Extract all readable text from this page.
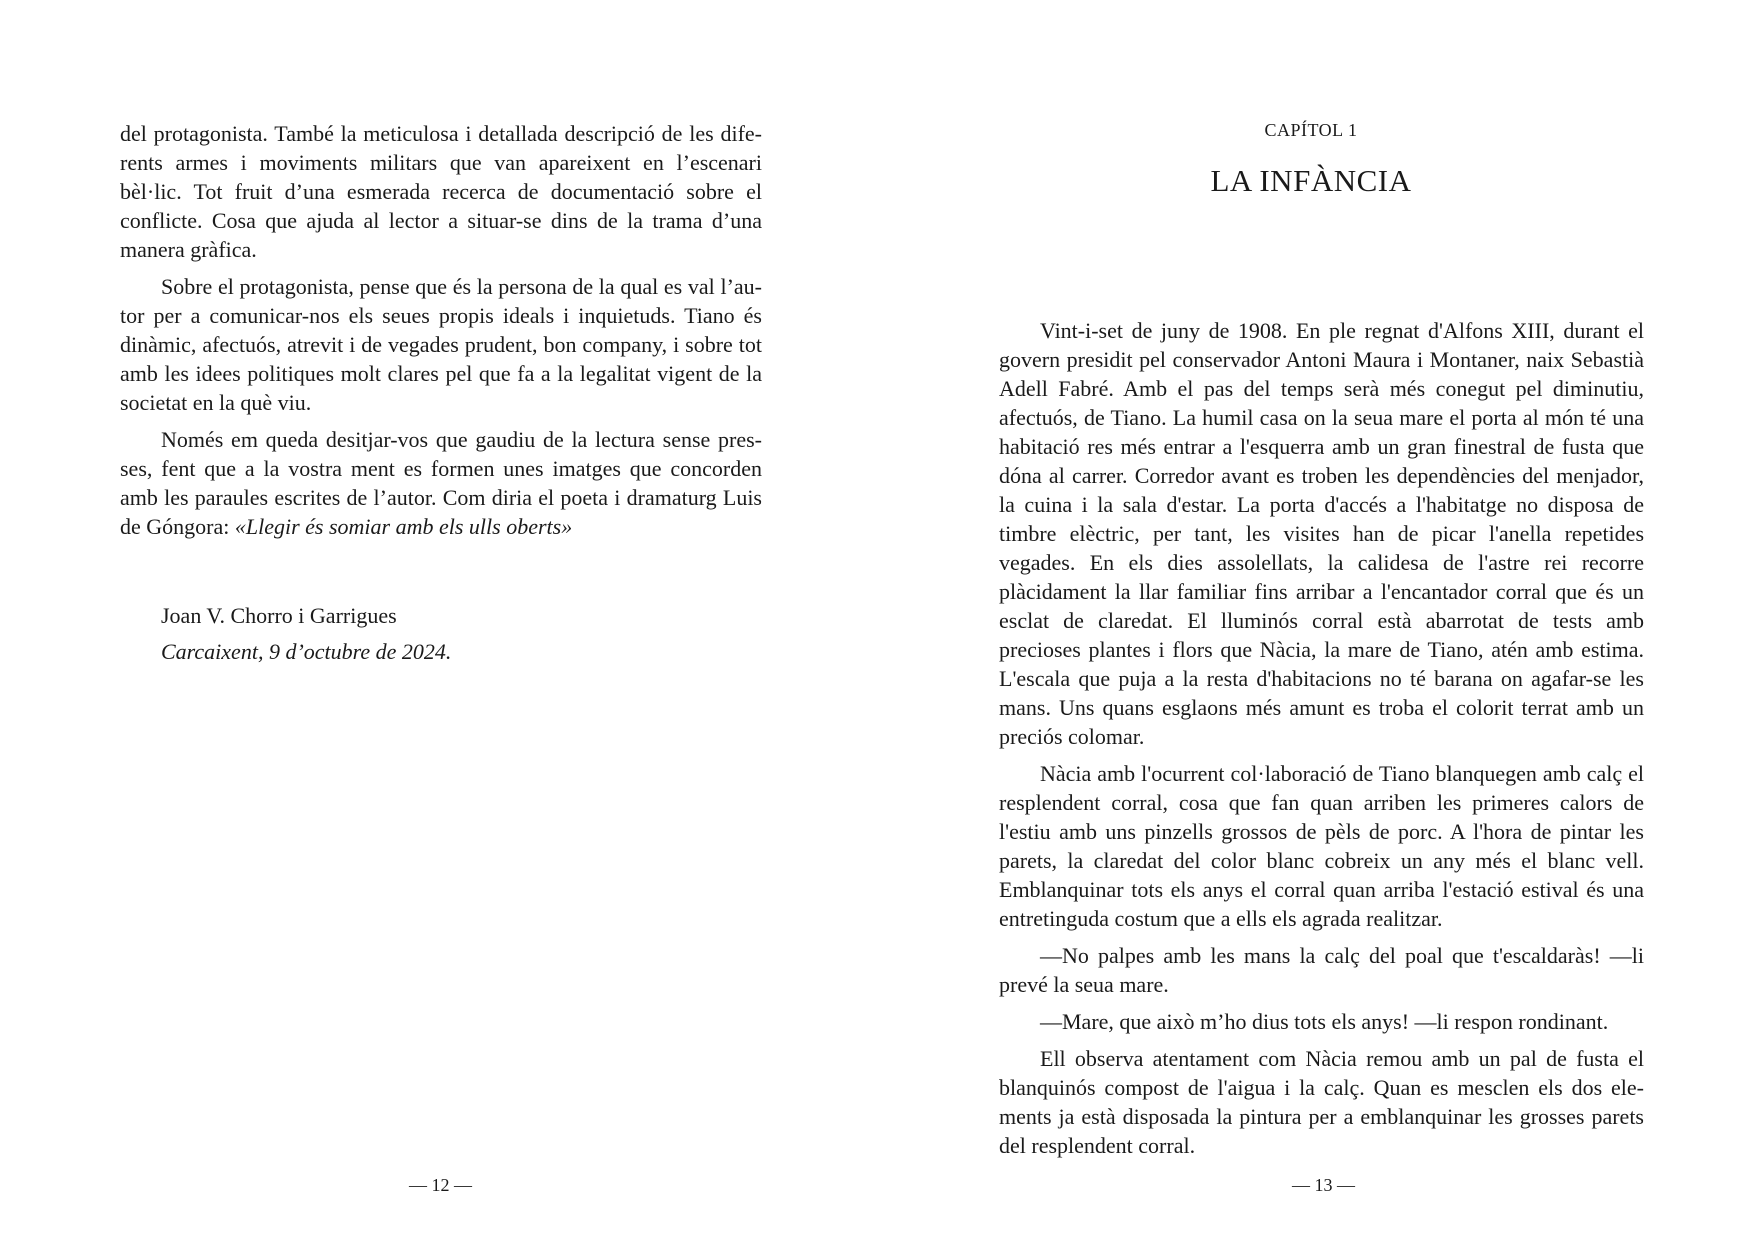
del protagonista. També la meticulosa i detallada descripció de les diferents armes i moviments militars que van apareixent en l’escenari bèl·lic. Tot fruit d’una esmerada recerca de documentació sobre el conflicte. Cosa que ajuda al lector a situar-se dins de la trama d’una manera gràfica.

Sobre el protagonista, pense que és la persona de la qual es val l’autor per a comunicar-nos els seues propis ideals i inquietuds. Tiano és dinàmic, afectuós, atrevit i de vegades prudent, bon company, i sobre tot amb les idees politiques molt clares pel que fa a la legalitat vigent de la societat en la què viu.

Només em queda desitjar-vos que gaudiu de la lectura sense presses, fent que a la vostra ment es formen unes imatges que concorden amb les paraules escrites de l’autor. Com diria el poeta i dramaturg Luis de Góngora: «Llegir és somiar amb els ulls oberts»

Joan V. Chorro i Garrigues
Carcaixent, 9 d’octubre de 2024.
— 12 —
CAPÍTOL 1
LA INFÀNCIA

Vint-i-set de juny de 1908. En ple regnat d'Alfons XIII, durant el govern presidit pel conservador Antoni Maura i Montaner, naix Sebastià Adell Fabré. Amb el pas del temps serà més conegut pel diminutiu, afectuós, de Tiano. La humil casa on la seua mare el porta al món té una habitació res més entrar a l'esquerra amb un gran finestral de fusta que dóna al carrer. Corredor avant es troben les dependències del menjador, la cuina i la sala d'estar. La porta d'accés a l'habitatge no disposa de timbre elèctric, per tant, les visites han de picar l'anella repetides vegades. En els dies assolellats, la calidesa de l'astre rei recorre plàcidament la llar familiar fins arribar a l'encantador corral que és un esclat de claredat. El lluminós corral està abarrotat de tests amb precioses plantes i flors que Nàcia, la mare de Tiano, atén amb estima. L'escala que puja a la resta d'habitacions no té barana on agafar-se les mans. Uns quans esglaons més amunt es troba el colorit terrat amb un preciós colomar.

Nàcia amb l'ocurrent col·laboració de Tiano blanquegen amb calç el resplendent corral, cosa que fan quan arriben les primeres calors de l'estiu amb uns pinzells grossos de pèls de porc. A l'hora de pintar les parets, la claredat del color blanc cobreix un any més el blanc vell. Emblanquinar tots els anys el corral quan arriba l'estació estival és una entretinguda costum que a ells els agrada realitzar.

—No palpes amb les mans la calç del poal que t'escaldaràs! —li prevé la seua mare.

—Mare, que això m’ho dius tots els anys! —li respon rondinant.

Ell observa atentament com Nàcia remou amb un pal de fusta el blanquinós compost de l'aigua i la calç. Quan es mesclen els dos elements ja està disposada la pintura per a emblanquinar les grosses parets del resplendent corral.

— 13 —
